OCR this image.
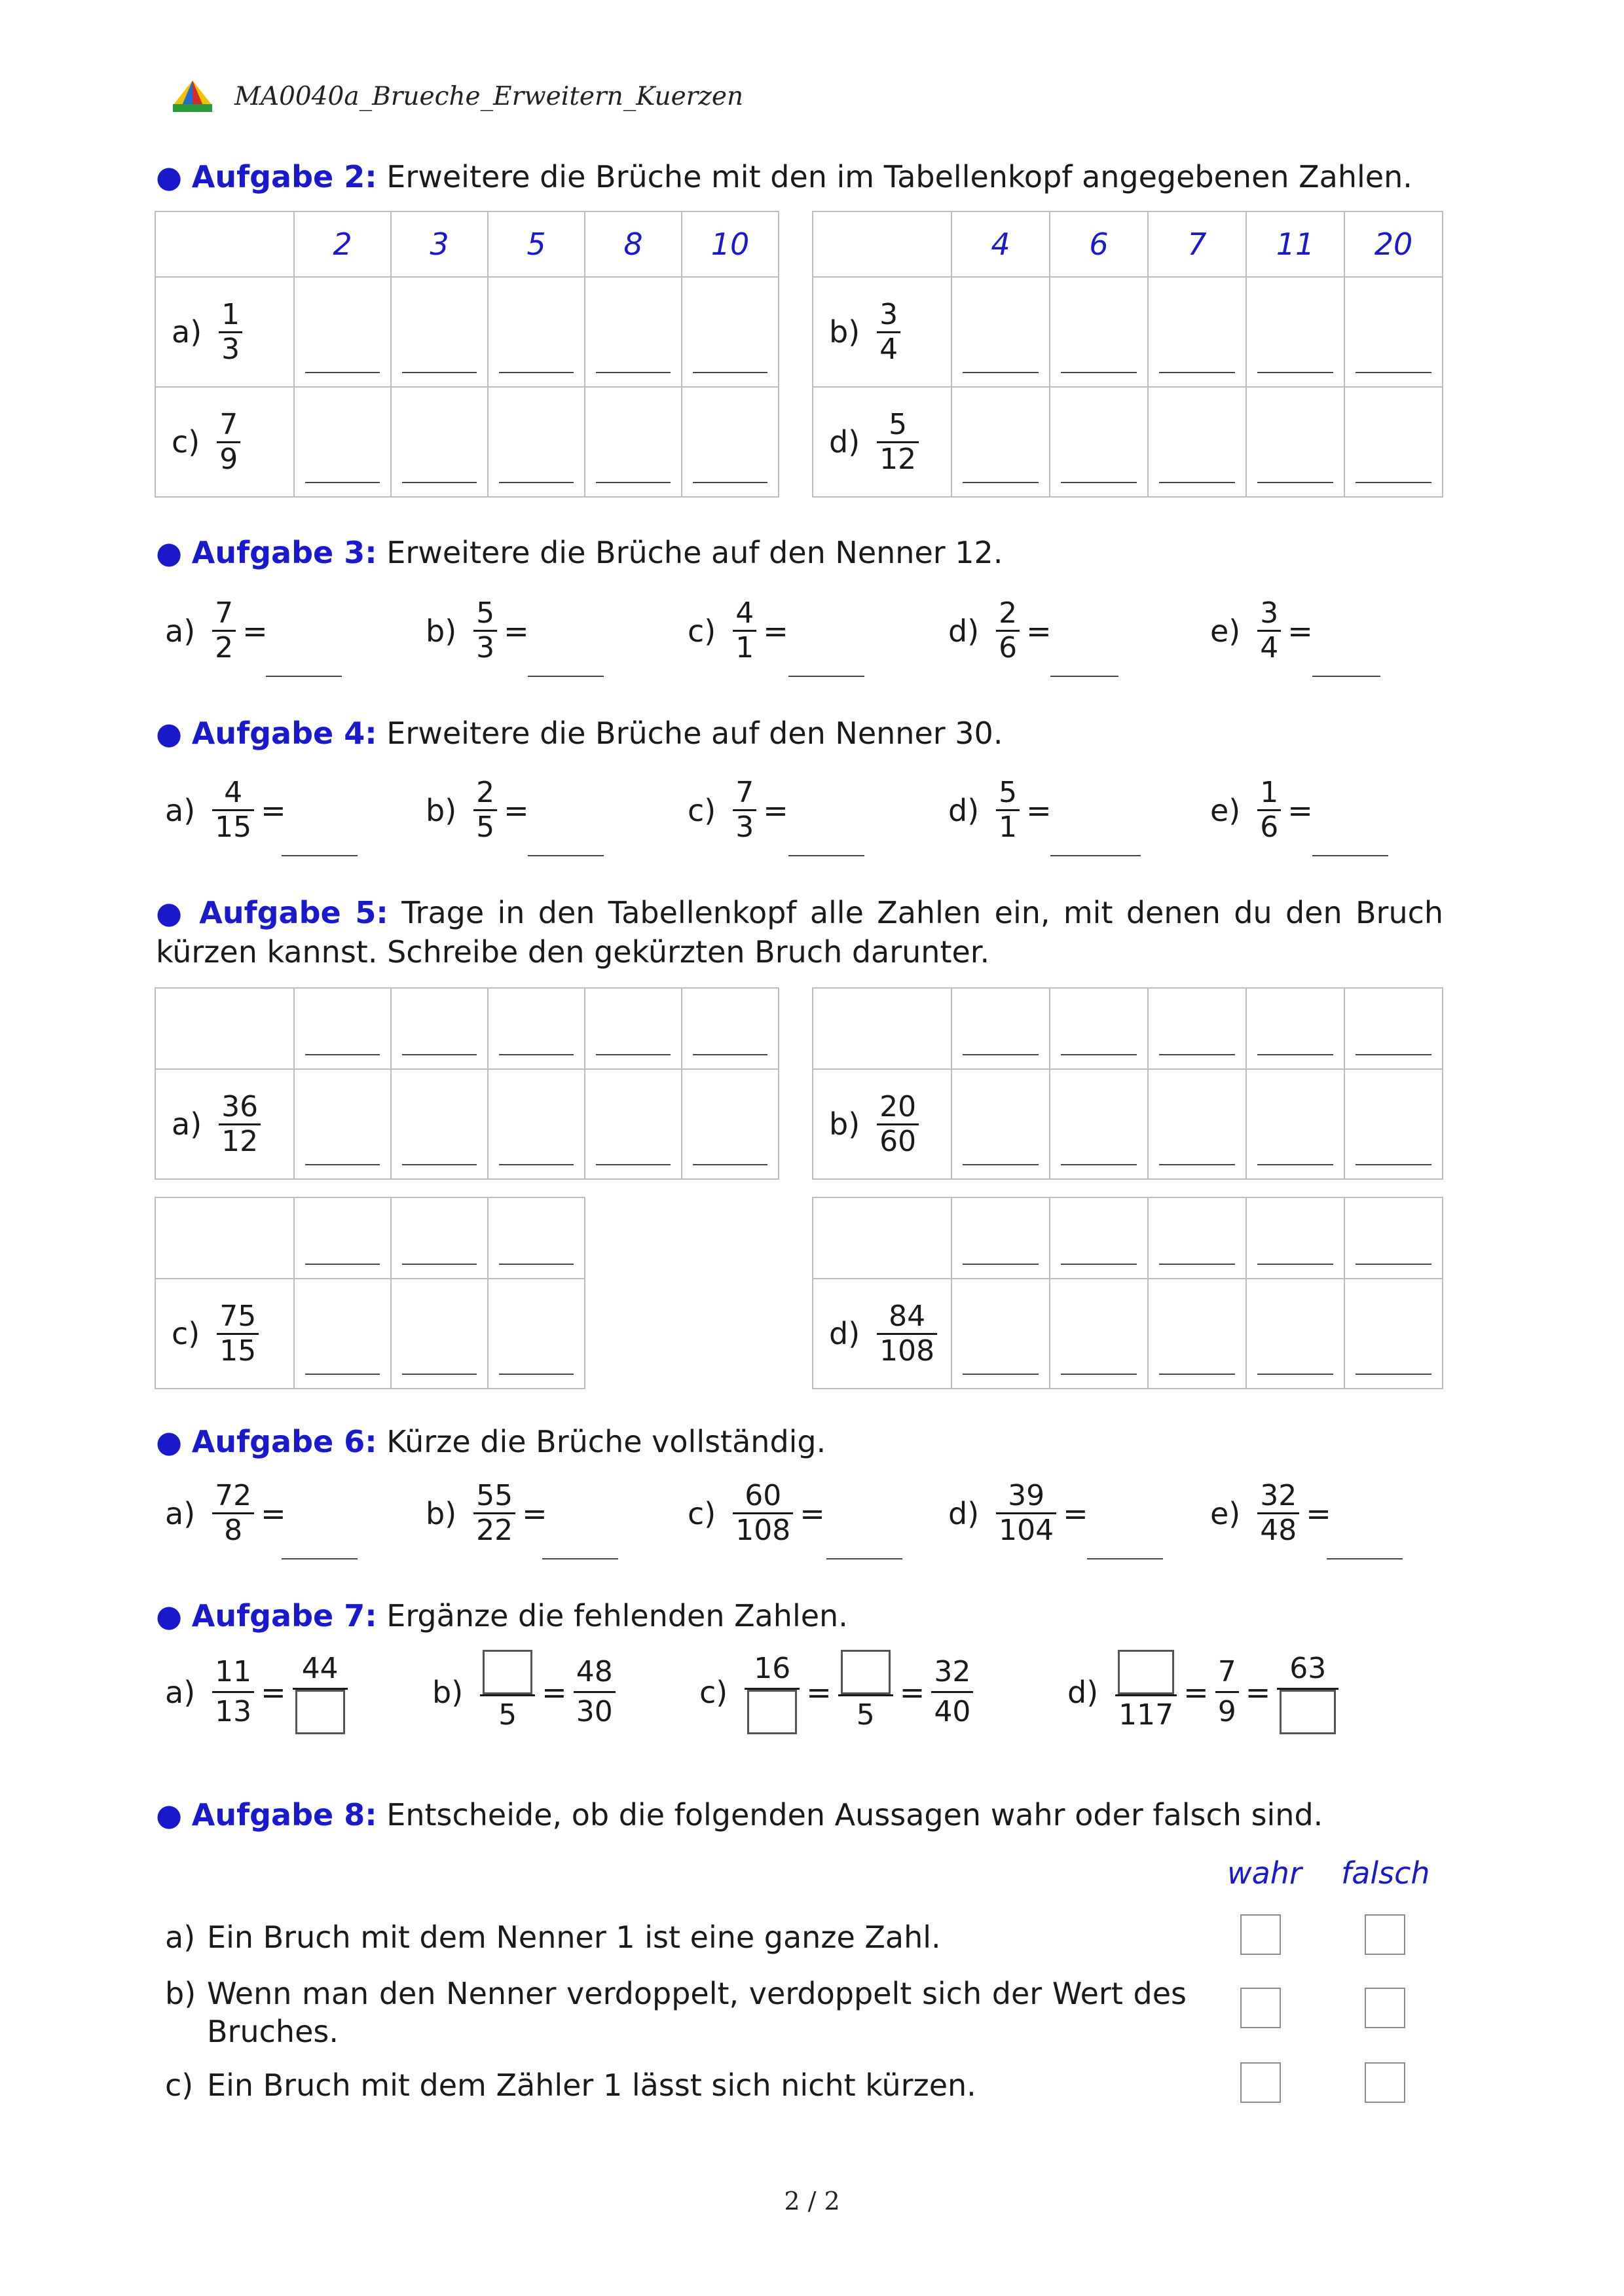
MA0040a_Brueche_Erweitern_Kuerzen
● Aufgabe 2: Erweitere die Brüche mit den im Tabellenkopf angegebenen Zahlen.
	2	3	5	8	10

$a) \frac{1}{3}$

$c) \frac{7}{9}$

	4	6	7	11	20

$b) \frac{3}{4}$

$d) \frac{5}{12}$

● Aufgabe 3: Erweitere die Brüche auf den Nenner 12.
$a) \frac{7}{2}$ =	$b) \frac{5}{3}$ =	$c) \frac{4}{1}$ =	$d) \frac{2}{6}$ =	$e) \frac{3}{4}$ =
● Aufgabe 4: Erweitere die Brüche auf den Nenner 30.
$a) \frac{4}{15}$ =	$b) \frac{2}{5}$ =	$c) \frac{7}{3}$ =	$d) \frac{5}{1}$ =	$e) \frac{1}{6}$ =
● Aufgabe 5: Trage in den Tabellenkopf alle Zahlen ein, mit denen du den Bruch kürzen kannst. Schreibe den gekürzten Bruch darunter.

$a) \frac{36}{12}$

		$b) \frac{20}{60}$

$c) \frac{75}{15}$

		$d) \frac{84}{108}$

● Aufgabe 6: Kürze die Brüche vollständig.
$a) \frac{72}{8}$ =	$b) \frac{55}{22}$ =	$c) \frac{60}{108}$ =	$d) \frac{39}{104}$ =	$e) \frac{32}{48}$ =
● Aufgabe 7: Ergänze die fehlenden Zahlen.
$a) \frac{11}{13}$ =
44
b)
5
= $\frac{48}{30}$	c)
16
=
5
= $\frac{32}{40}$	d)
117
= $\frac{7}{9}$ =
63
● Aufgabe 8: Entscheide, ob die folgenden Aussagen wahr oder falsch sind.
wahr falsch
a) Ein Bruch mit dem Nenner 1 ist eine ganze Zahl.
b) Wenn man den Nenner verdoppelt, verdoppelt sich der Wert des Bruches.
c) Ein Bruch mit dem Zähler 1 lässt sich nicht kürzen.
2 / 2
